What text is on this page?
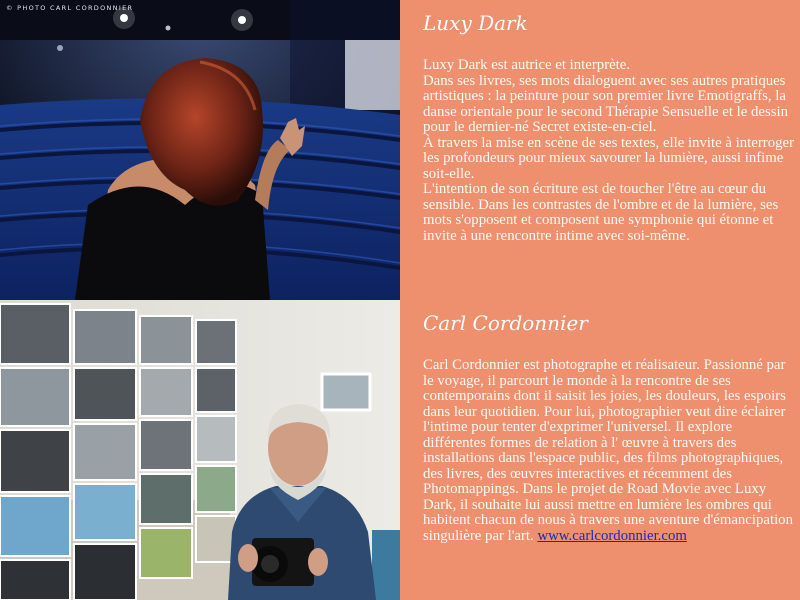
© PHOTO CARL CORDONNIER
Luxy Dark

Luxy Dark est autrice et interprète.

Dans ses livres, ses mots dialoguent avec ses autres pratiques artistiques : la peinture pour son premier livre Emotigraffs, la danse orientale pour le second Thérapie Sensuelle et le dessin pour le dernier-né Secret existe-en-ciel.

À travers la mise en scène de ses textes, elle invite à interroger les profondeurs pour mieux savourer la lumière, aussi infime soit-elle.

L'intention de son écriture est de toucher l'être au cœur du sensible. Dans les contrastes de l'ombre et de la lumière, ses mots s'opposent et composent une symphonie qui étonne et invite à une rencontre intime avec soi-même.

Carl Cordonnier

Carl Cordonnier est photographe et réalisateur. Passionné par le voyage, il parcourt le monde à la rencontre de ses contemporains dont il saisit les joies, les douleurs, les espoirs dans leur quotidien. Pour lui, photographier veut dire éclairer l'intime pour tenter d'exprimer l'universel. Il explore différentes formes de relation à l' œuvre à travers des installations dans l'espace public, des films photographiques, des livres, des œuvres interactives et récemment des Photomappings. Dans le projet de Road Movie avec Luxy Dark, il souhaite lui aussi mettre en lumière les ombres qui habitent chacun de nous à travers une aventure d'émancipation singulière par l'art. www.carlcordonnier.com
